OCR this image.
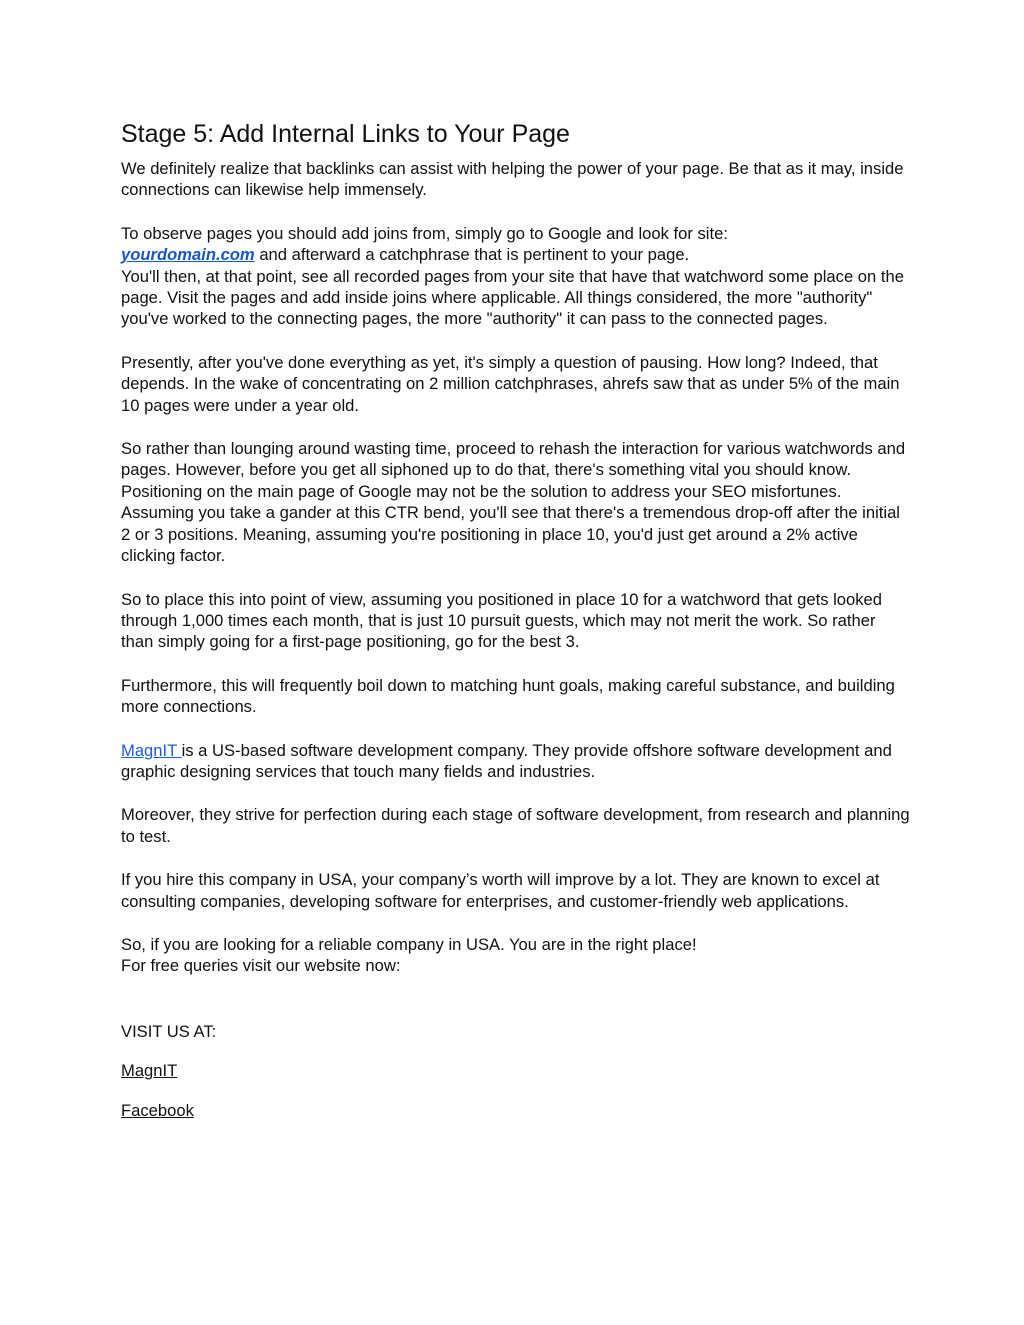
Stage 5: Add Internal Links to Your Page

We definitely realize that backlinks can assist with helping the power of your page. Be that as it may, inside connections can likewise help immensely.

To observe pages you should add joins from, simply go to Google and look for site:
yourdomain.com and afterward a catchphrase that is pertinent to your page.
You'll then, at that point, see all recorded pages from your site that have that watchword some place on the page. Visit the pages and add inside joins where applicable. All things considered, the more "authority" you've worked to the connecting pages, the more "authority" it can pass to the connected pages.

Presently, after you've done everything as yet, it's simply a question of pausing. How long? Indeed, that depends. In the wake of concentrating on 2 million catchphrases, ahrefs saw that as under 5% of the main 10 pages were under a year old.

So rather than lounging around wasting time, proceed to rehash the interaction for various watchwords and pages. However, before you get all siphoned up to do that, there's something vital you should know. Positioning on the main page of Google may not be the solution to address your SEO misfortunes.
Assuming you take a gander at this CTR bend, you'll see that there's a tremendous drop-off after the initial 2 or 3 positions. Meaning, assuming you're positioning in place 10, you'd just get around a 2% active clicking factor.

So to place this into point of view, assuming you positioned in place 10 for a watchword that gets looked through 1,000 times each month, that is just 10 pursuit guests, which may not merit the work. So rather than simply going for a first-page positioning, go for the best 3.

Furthermore, this will frequently boil down to matching hunt goals, making careful substance, and building more connections.

MagnIT is a US-based software development company. They provide offshore software development and graphic designing services that touch many fields and industries.

Moreover, they strive for perfection during each stage of software development, from research and planning to test.

If you hire this company in USA, your company’s worth will improve by a lot. They are known to excel at consulting companies, developing software for enterprises, and customer-friendly web applications.

So, if you are looking for a reliable company in USA. You are in the right place!
For free queries visit our website now:

VISIT US AT:

MagnIT

Facebook
